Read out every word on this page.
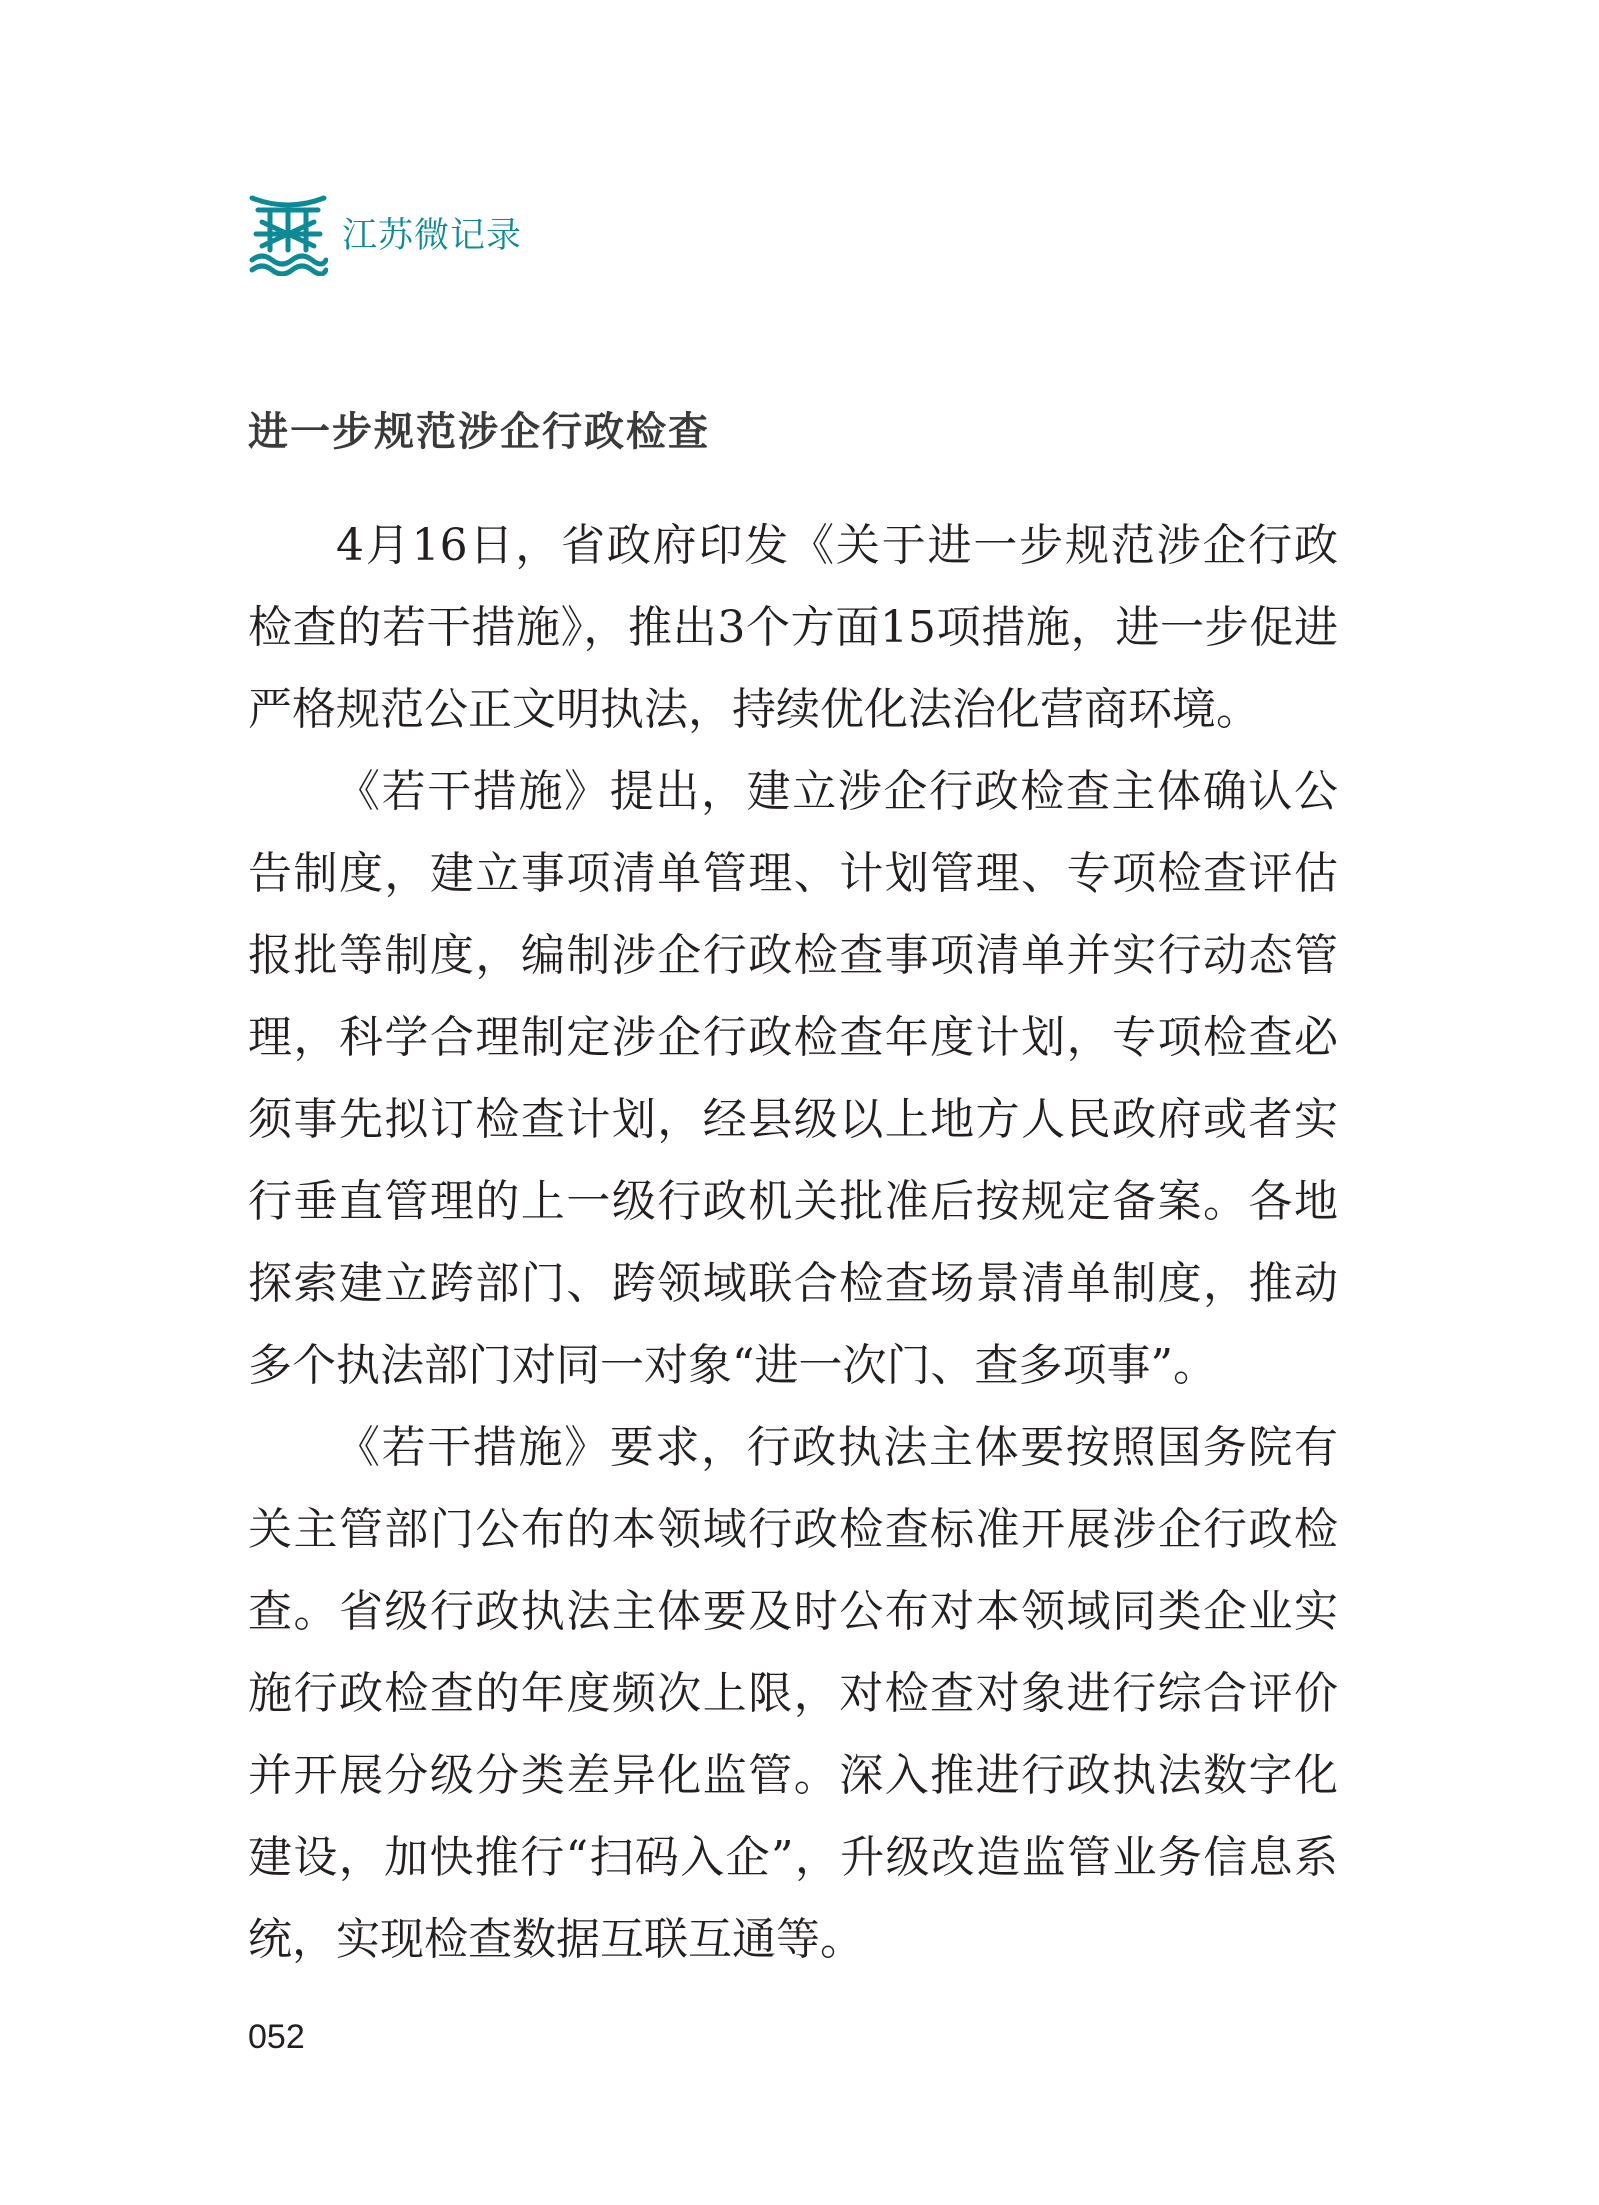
江苏微记录
进一步规范涉企行政检查

4月16日，省政府印发《关于进一步规范涉企行政检查的若干措施》，推出3个方面15项措施，进一步促进严格规范公正文明执法，持续优化法治化营商环境。

《若干措施》提出，建立涉企行政检查主体确认公告制度，建立事项清单管理、计划管理、专项检查评估报批等制度，编制涉企行政检查事项清单并实行动态管理，科学合理制定涉企行政检查年度计划，专项检查必须事先拟订检查计划，经县级以上地方人民政府或者实行垂直管理的上一级行政机关批准后按规定备案。各地探索建立跨部门、跨领域联合检查场景清单制度，推动多个执法部门对同一对象“进一次门、查多项事”。

《若干措施》要求，行政执法主体要按照国务院有关主管部门公布的本领域行政检查标准开展涉企行政检查。省级行政执法主体要及时公布对本领域同类企业实施行政检查的年度频次上限，对检查对象进行综合评价并开展分级分类差异化监管。深入推进行政执法数字化建设，加快推行“扫码入企”，升级改造监管业务信息系统，实现检查数据互联互通等。

052
